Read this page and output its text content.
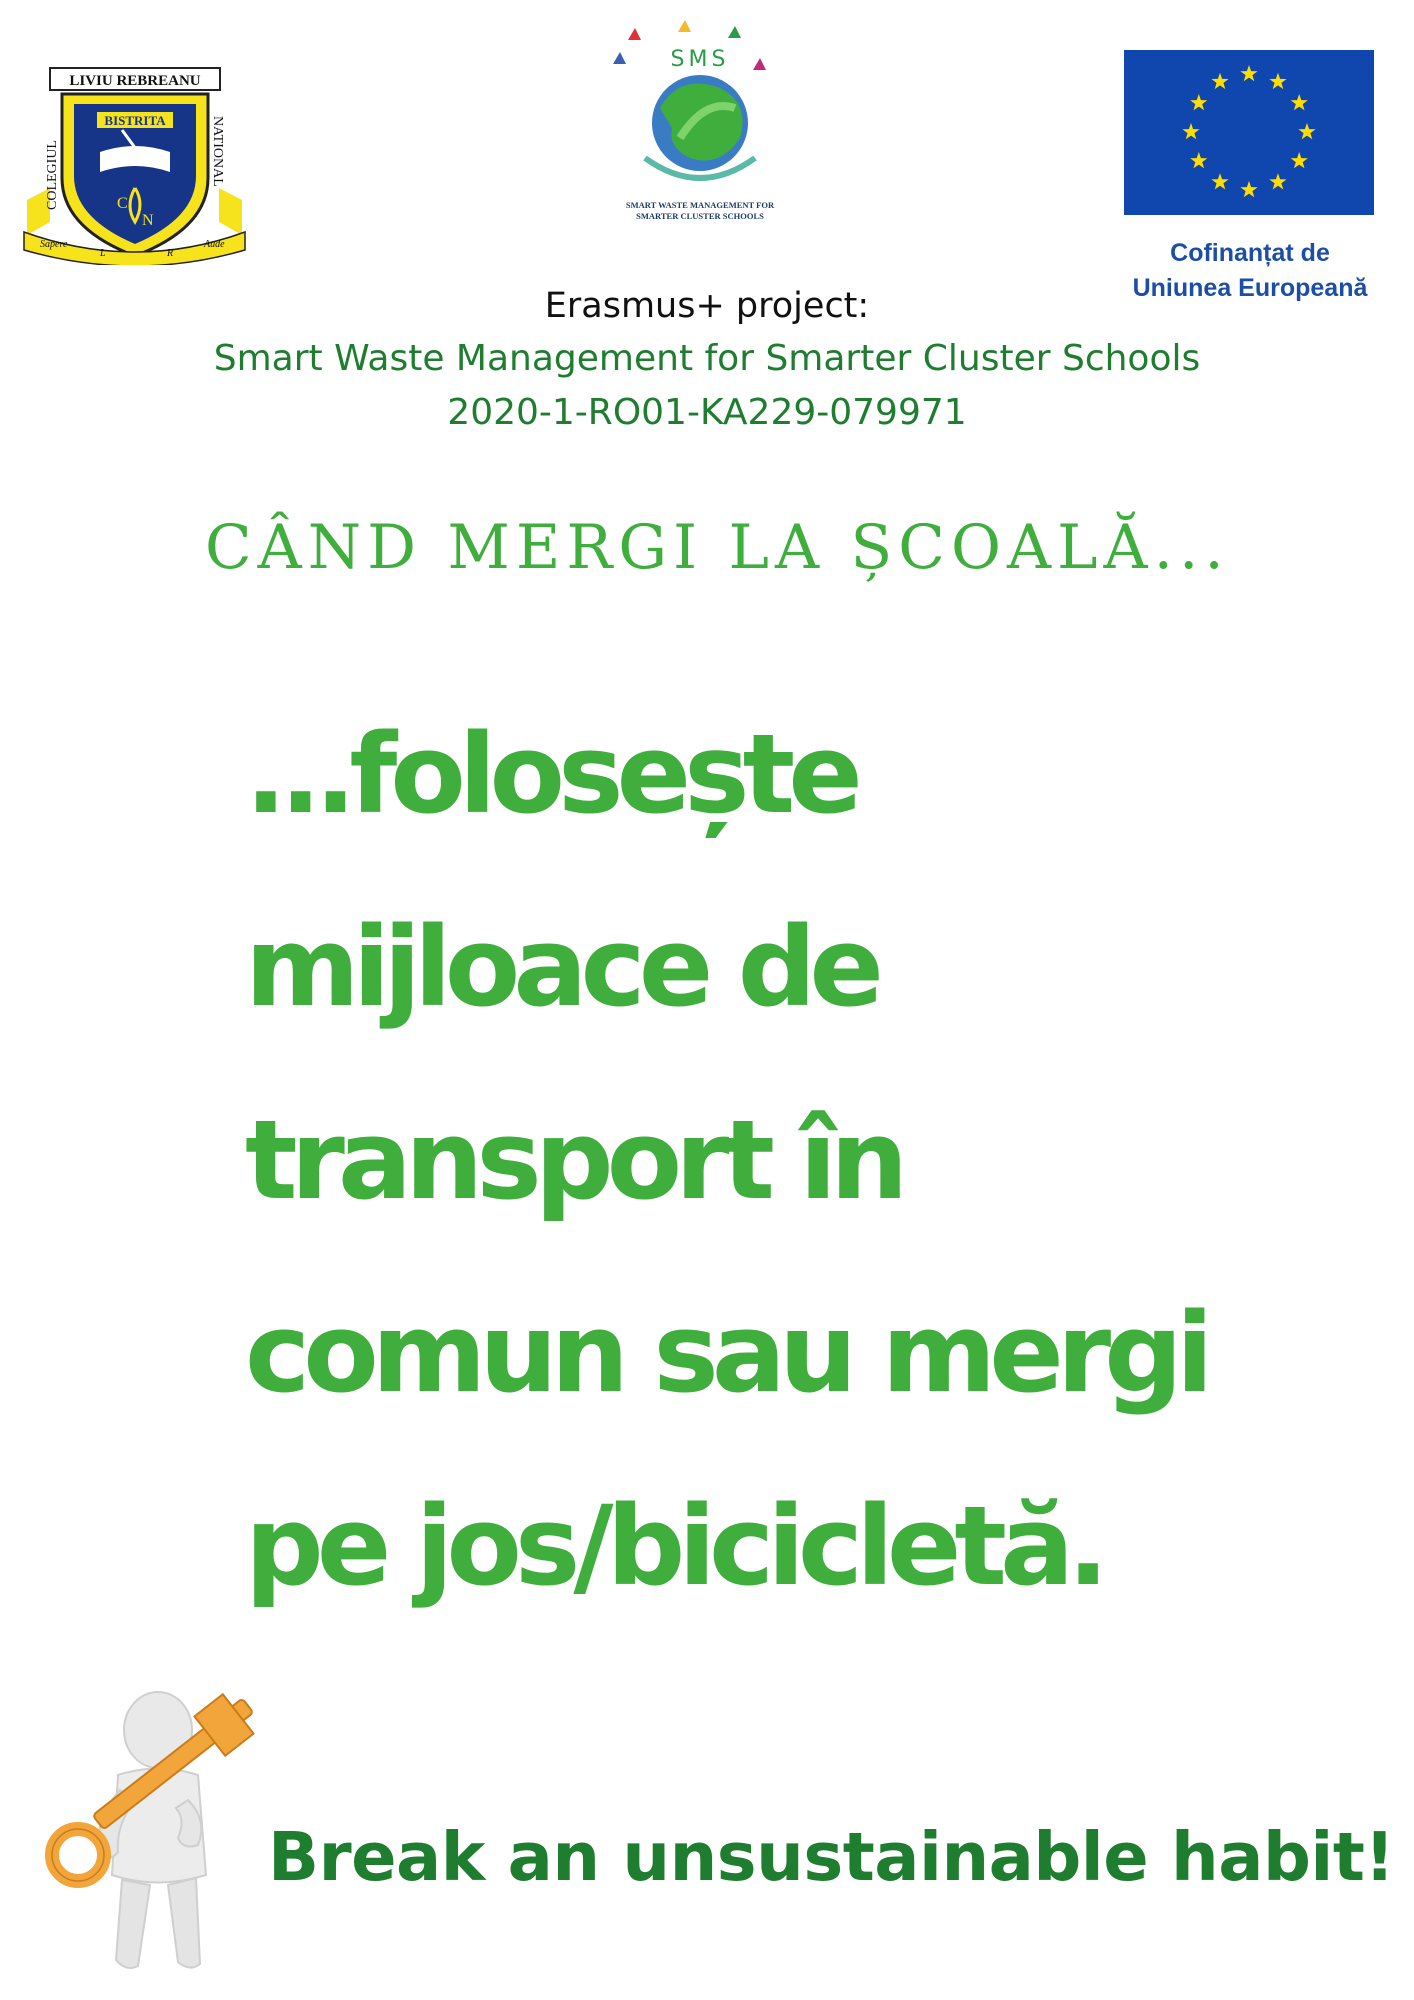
LIVIU REBREANU
BISTRITA
C
N
COLEGIUL	NATIONAL
Sapere
L	R
Aude
SMS
SMART WASTE MANAGEMENT FOR
SMARTER CLUSTER SCHOOLS
Cofinanțat de
Uniunea Europeană
Erasmus+ project:
Smart Waste Management for Smarter Cluster Schools
2020-1-RO01-KA229-079971
CÂND MERGI LA ȘCOALĂ...
...folosește
mijloace de
transport în
comun sau mergi
pe jos/bicicletă.
Break an unsustainable habit!
